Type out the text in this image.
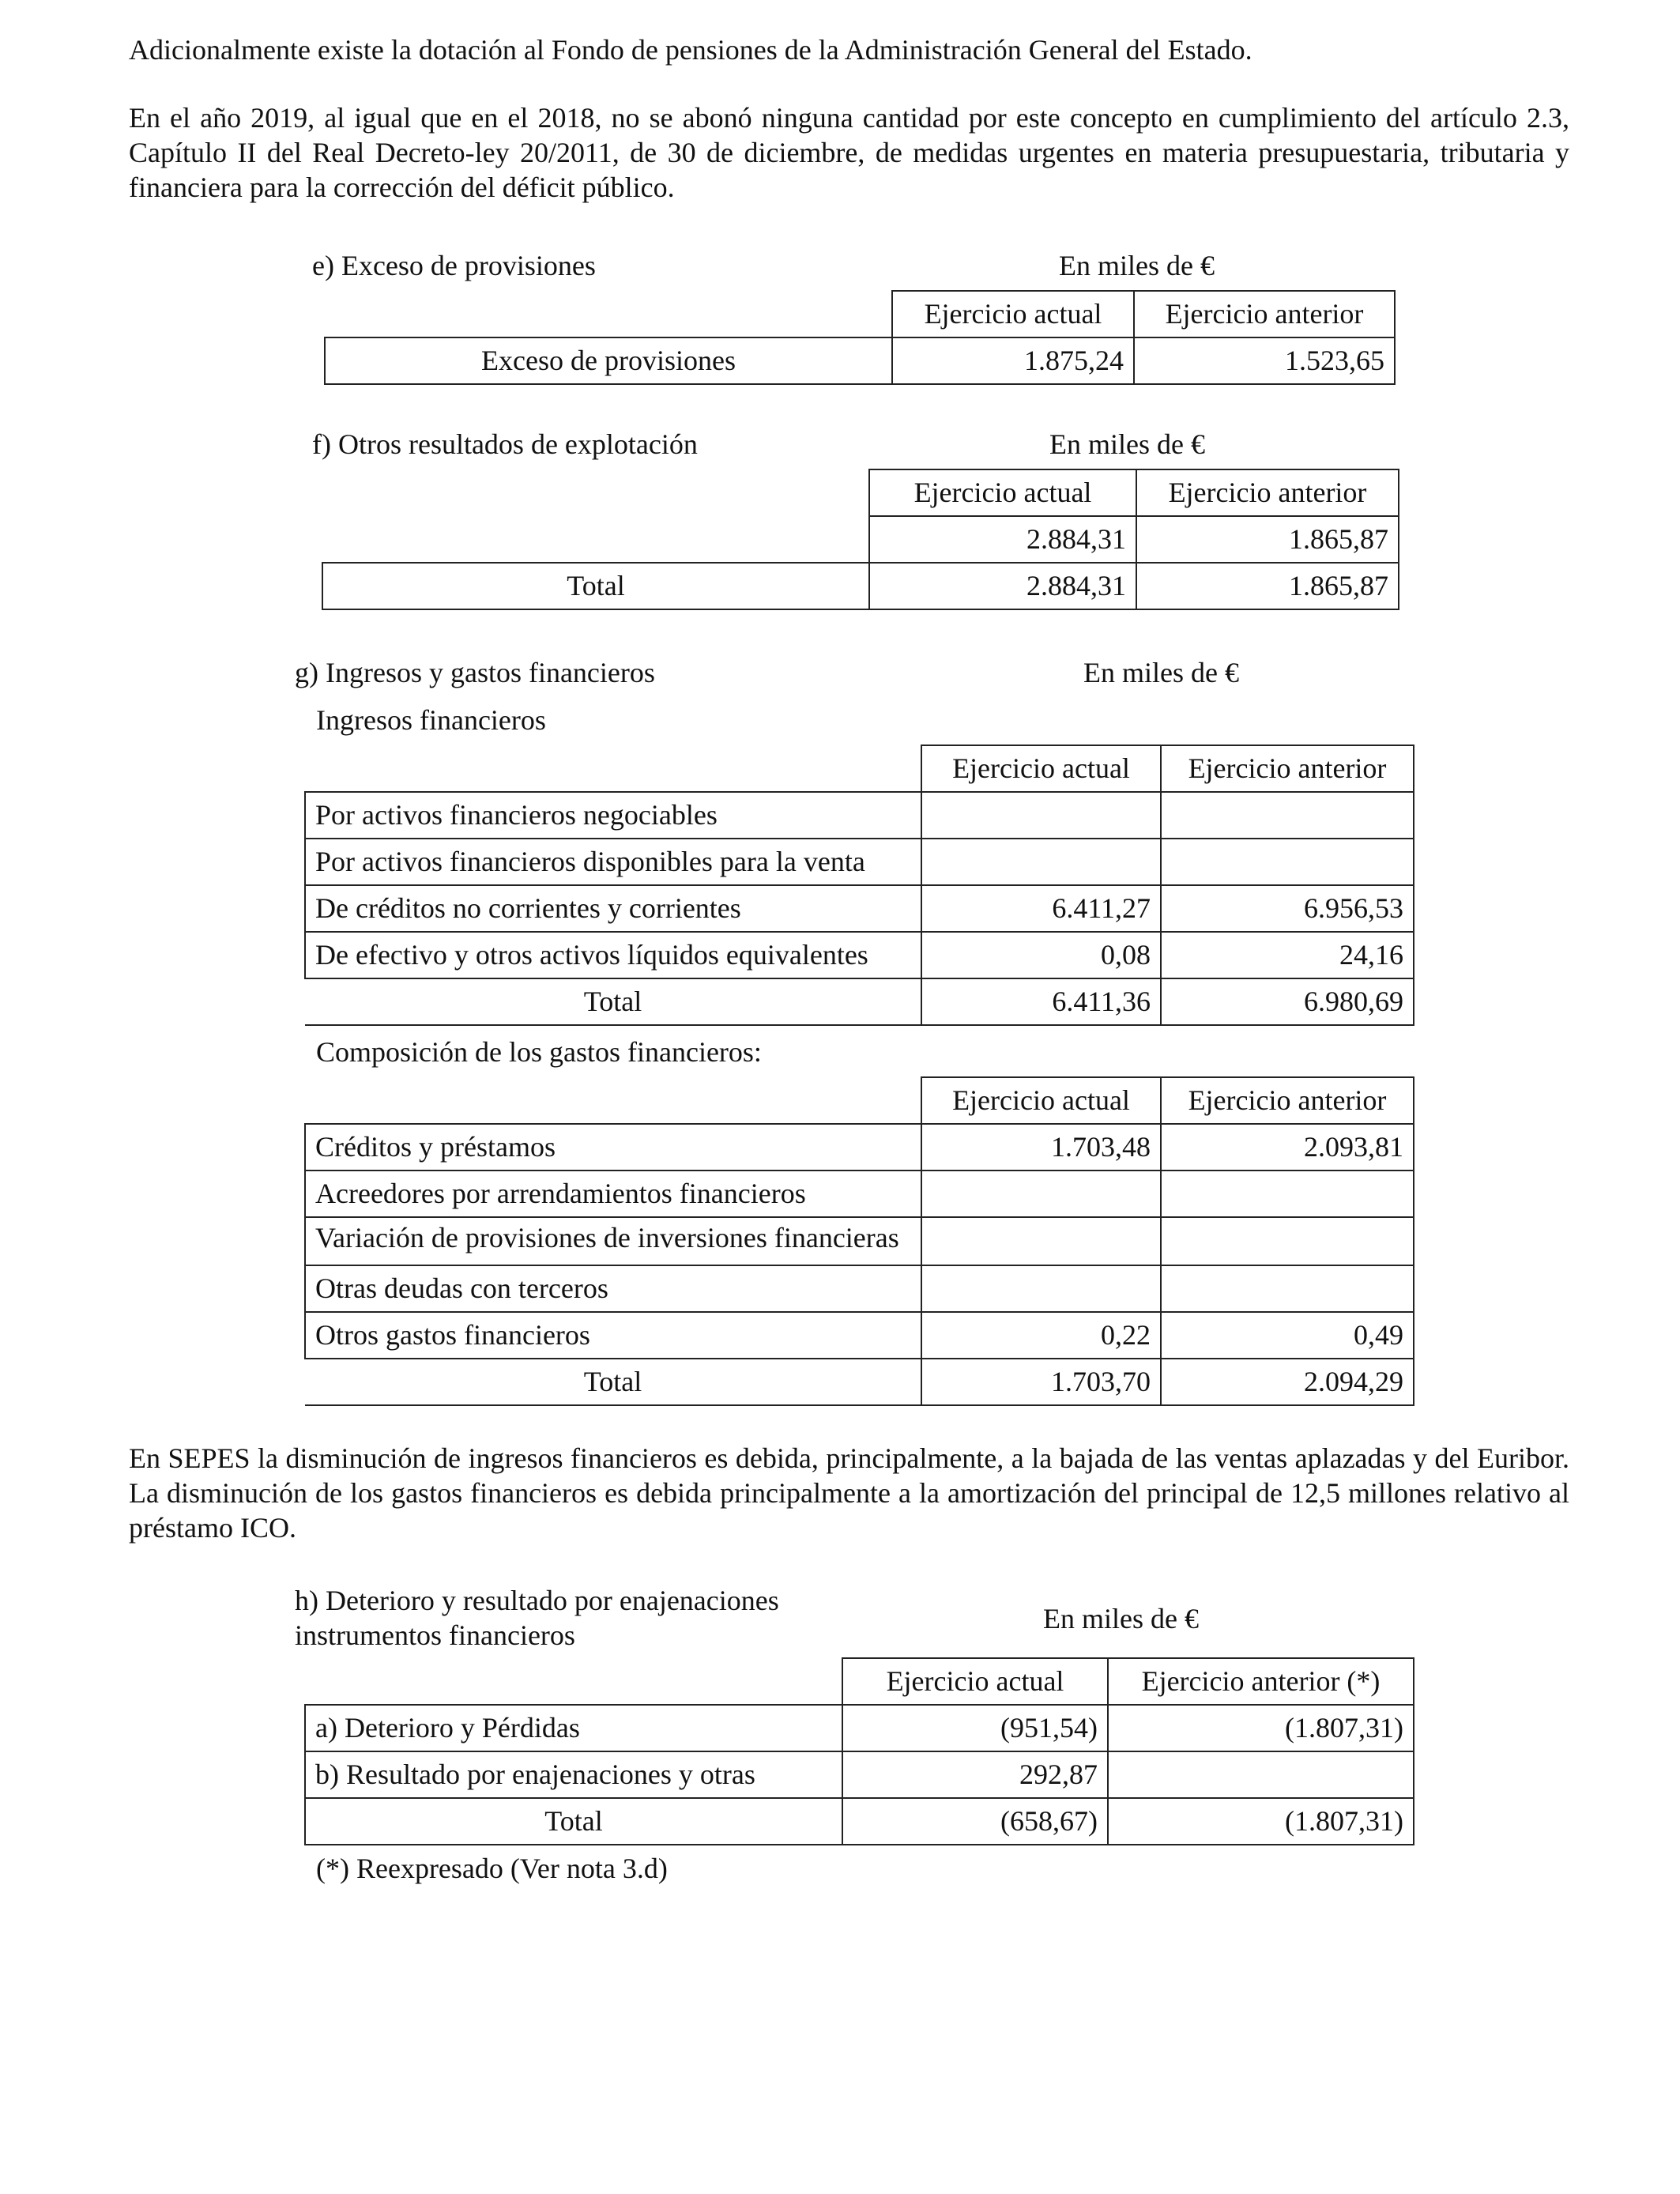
Adicionalmente existe la dotación al Fondo de pensiones de la Administración General del Estado.

En el año 2019, al igual que en el 2018, no se abonó ninguna cantidad por este concepto en cumplimiento del artículo 2.3, Capítulo II del Real Decreto-ley 20/2011, de 30 de diciembre, de medidas urgentes en materia presupuestaria, tributaria y financiera para la corrección del déficit público.

e) Exceso de provisiones	En miles de €
	Ejercicio actual	Ejercicio anterior
Exceso de provisiones	1.875,24	1.523,65
f) Otros resultados de explotación	En miles de €
	Ejercicio actual	Ejercicio anterior
	2.884,31	1.865,87
Total	2.884,31	1.865,87
g) Ingresos y gastos financieros	En miles de €
Ingresos financieros
	Ejercicio actual	Ejercicio anterior
Por activos financieros negociables		
Por activos financieros disponibles para la venta		
De créditos no corrientes y corrientes	6.411,27	6.956,53
De efectivo y otros activos líquidos equivalentes	0,08	24,16
Total	6.411,36	6.980,69
Composición de los gastos financieros:
	Ejercicio actual	Ejercicio anterior
Créditos y préstamos	1.703,48	2.093,81
Acreedores por arrendamientos financieros		
Variación de provisiones de inversiones financieras		
Otras deudas con terceros		
Otros gastos financieros	0,22	0,49
Total	1.703,70	2.094,29

En SEPES la disminución de ingresos financieros es debida, principalmente, a la bajada de las ventas aplazadas y del Euribor. La disminución de los gastos financieros es debida principalmente a la amortización del principal de 12,5 millones relativo al préstamo ICO.

h) Deterioro y resultado por enajenaciones
instrumentos financieros
En miles de €
	Ejercicio actual	Ejercicio anterior (*)
a) Deterioro y Pérdidas	(951,54)	(1.807,31)
b) Resultado por enajenaciones y otras	292,87	
Total	(658,67)	(1.807,31)
(*) Reexpresado (Ver nota 3.d)
